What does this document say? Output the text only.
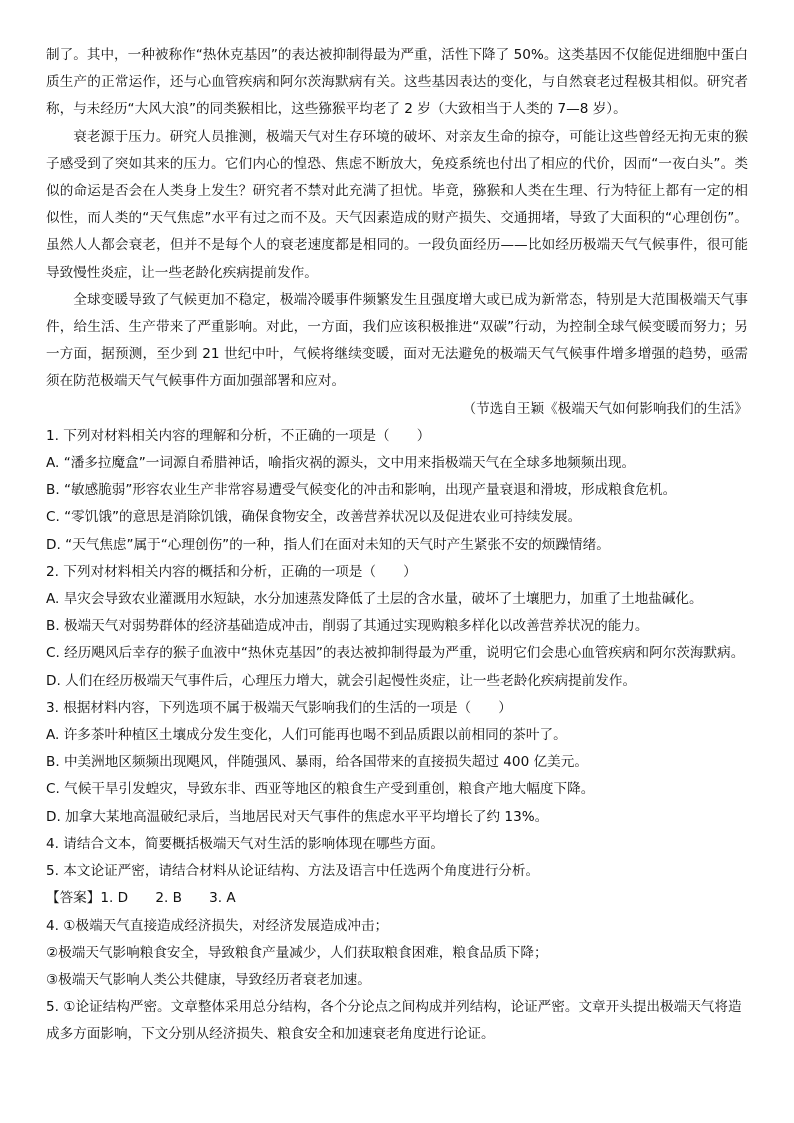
制了。其中，一种被称作“热休克基因”的表达被抑制得最为严重，活性下降了 50%。这类基因不仅能促进细胞中蛋白质生产的正常运作，还与心血管疾病和阿尔茨海默病有关。这些基因表达的变化，与自然衰老过程极其相似。研究者称，与未经历“大风大浪”的同类猴相比，这些猕猴平均老了 2 岁（大致相当于人类的 7—8 岁）。

衰老源于压力。研究人员推测，极端天气对生存环境的破坏、对亲友生命的掠夺，可能让这些曾经无拘无束的猴子感受到了突如其来的压力。它们内心的惶恐、焦虑不断放大，免疫系统也付出了相应的代价，因而“一夜白头”。类似的命运是否会在人类身上发生？研究者不禁对此充满了担忧。毕竟，猕猴和人类在生理、行为特征上都有一定的相似性，而人类的“天气焦虑”水平有过之而不及。天气因素造成的财产损失、交通拥堵，导致了大面积的“心理创伤”。虽然人人都会衰老，但并不是每个人的衰老速度都是相同的。一段负面经历——比如经历极端天气气候事件，很可能导致慢性炎症，让一些老龄化疾病提前发作。

全球变暖导致了气候更加不稳定，极端冷暖事件频繁发生且强度增大或已成为新常态，特别是大范围极端天气事件，给生活、生产带来了严重影响。对此，一方面，我们应该积极推进“双碳”行动，为控制全球气候变暖而努力；另一方面，据预测，至少到 21 世纪中叶，气候将继续变暖，面对无法避免的极端天气气候事件增多增强的趋势，亟需须在防范极端天气气候事件方面加强部署和应对。

（节选自王颖《极端天气如何影响我们的生活》

1. 下列对材料相关内容的理解和分析，不正确的一项是（　　）

A. “潘多拉魔盒”一词源自希腊神话，喻指灾祸的源头，文中用来指极端天气在全球多地频频出现。

B. “敏感脆弱”形容农业生产非常容易遭受气候变化的冲击和影响，出现产量衰退和滑坡，形成粮食危机。

C. “零饥饿”的意思是消除饥饿，确保食物安全，改善营养状况以及促进农业可持续发展。

D. “天气焦虑”属于“心理创伤”的一种，指人们在面对未知的天气时产生紧张不安的烦躁情绪。

2. 下列对材料相关内容的概括和分析，正确的一项是（　　）

A. 旱灾会导致农业灌溉用水短缺，水分加速蒸发降低了土层的含水量，破坏了土壤肥力，加重了土地盐碱化。

B. 极端天气对弱势群体的经济基础造成冲击，削弱了其通过实现购粮多样化以改善营养状况的能力。

C. 经历飓风后幸存的猴子血液中“热休克基因”的表达被抑制得最为严重，说明它们会患心血管疾病和阿尔茨海默病。

D. 人们在经历极端天气事件后，心理压力增大，就会引起慢性炎症，让一些老龄化疾病提前发作。

3. 根据材料内容，下列选项不属于极端天气影响我们的生活的一项是（　　）

A. 许多茶叶种植区土壤成分发生变化，人们可能再也喝不到品质跟以前相同的茶叶了。

B. 中美洲地区频频出现飓风，伴随强风、暴雨，给各国带来的直接损失超过 400 亿美元。

C. 气候干旱引发蝗灾，导致东非、西亚等地区的粮食生产受到重创，粮食产地大幅度下降。

D. 加拿大某地高温破纪录后，当地居民对天气事件的焦虑水平平均增长了约 13%。

4. 请结合文本，简要概括极端天气对生活的影响体现在哪些方面。

5. 本文论证严密，请结合材料从论证结构、方法及语言中任选两个角度进行分析。

【答案】1. D　　2. B　　3. A

4. ①极端天气直接造成经济损失，对经济发展造成冲击；

②极端天气影响粮食安全，导致粮食产量减少，人们获取粮食困难，粮食品质下降；

③极端天气影响人类公共健康，导致经历者衰老加速。

5. ①论证结构严密。文章整体采用总分结构，各个分论点之间构成并列结构，论证严密。文章开头提出极端天气将造成多方面影响，下文分别从经济损失、粮食安全和加速衰老角度进行论证。
